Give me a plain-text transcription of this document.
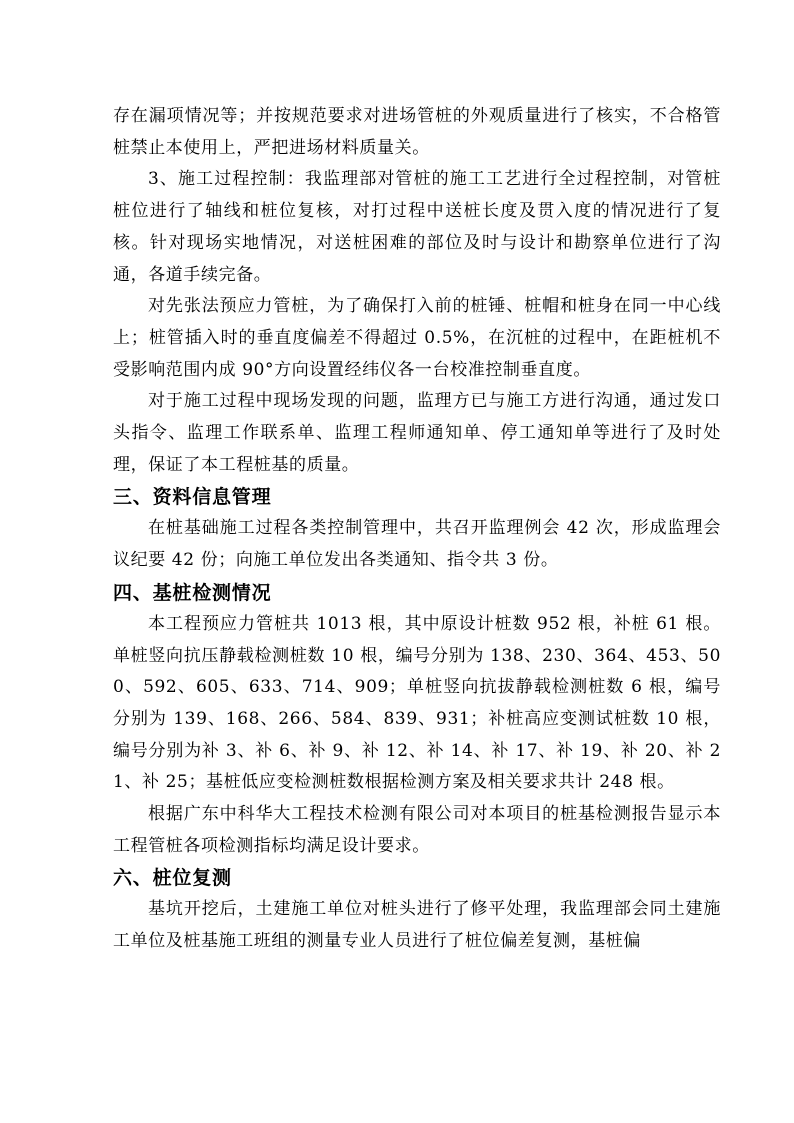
存在漏项情况等；并按规范要求对进场管桩的外观质量进行了核实，不合格管桩禁止本使用上，严把进场材料质量关。

3、施工过程控制：我监理部对管桩的施工工艺进行全过程控制，对管桩桩位进行了轴线和桩位复核，对打过程中送桩长度及贯入度的情况进行了复核。针对现场实地情况，对送桩困难的部位及时与设计和勘察单位进行了沟通，各道手续完备。

对先张法预应力管桩，为了确保打入前的桩锤、桩帽和桩身在同一中心线上；桩管插入时的垂直度偏差不得超过 0.5%，在沉桩的过程中，在距桩机不受影响范围内成 90°方向设置经纬仪各一台校准控制垂直度。

对于施工过程中现场发现的问题，监理方已与施工方进行沟通，通过发口头指令、监理工作联系单、监理工程师通知单、停工通知单等进行了及时处理，保证了本工程桩基的质量。

三、资料信息管理

在桩基础施工过程各类控制管理中，共召开监理例会 42 次，形成监理会议纪要 42 份；向施工单位发出各类通知、指令共 3 份。

四、基桩检测情况

本工程预应力管桩共 1013 根，其中原设计桩数 952 根，补桩 61 根。单桩竖向抗压静载检测桩数 10 根，编号分别为 138、230、364、453、500、592、605、633、714、909；单桩竖向抗拔静载检测桩数 6 根，编号分别为 139、168、266、584、839、931；补桩高应变测试桩数 10 根，编号分别为补 3、补 6、补 9、补 12、补 14、补 17、补 19、补 20、补 21、补 25；基桩低应变检测桩数根据检测方案及相关要求共计 248 根。

根据广东中科华大工程技术检测有限公司对本项目的桩基检测报告显示本工程管桩各项检测指标均满足设计要求。

六、桩位复测

基坑开挖后，土建施工单位对桩头进行了修平处理，我监理部会同土建施工单位及桩基施工班组的测量专业人员进行了桩位偏差复测，基桩偏
